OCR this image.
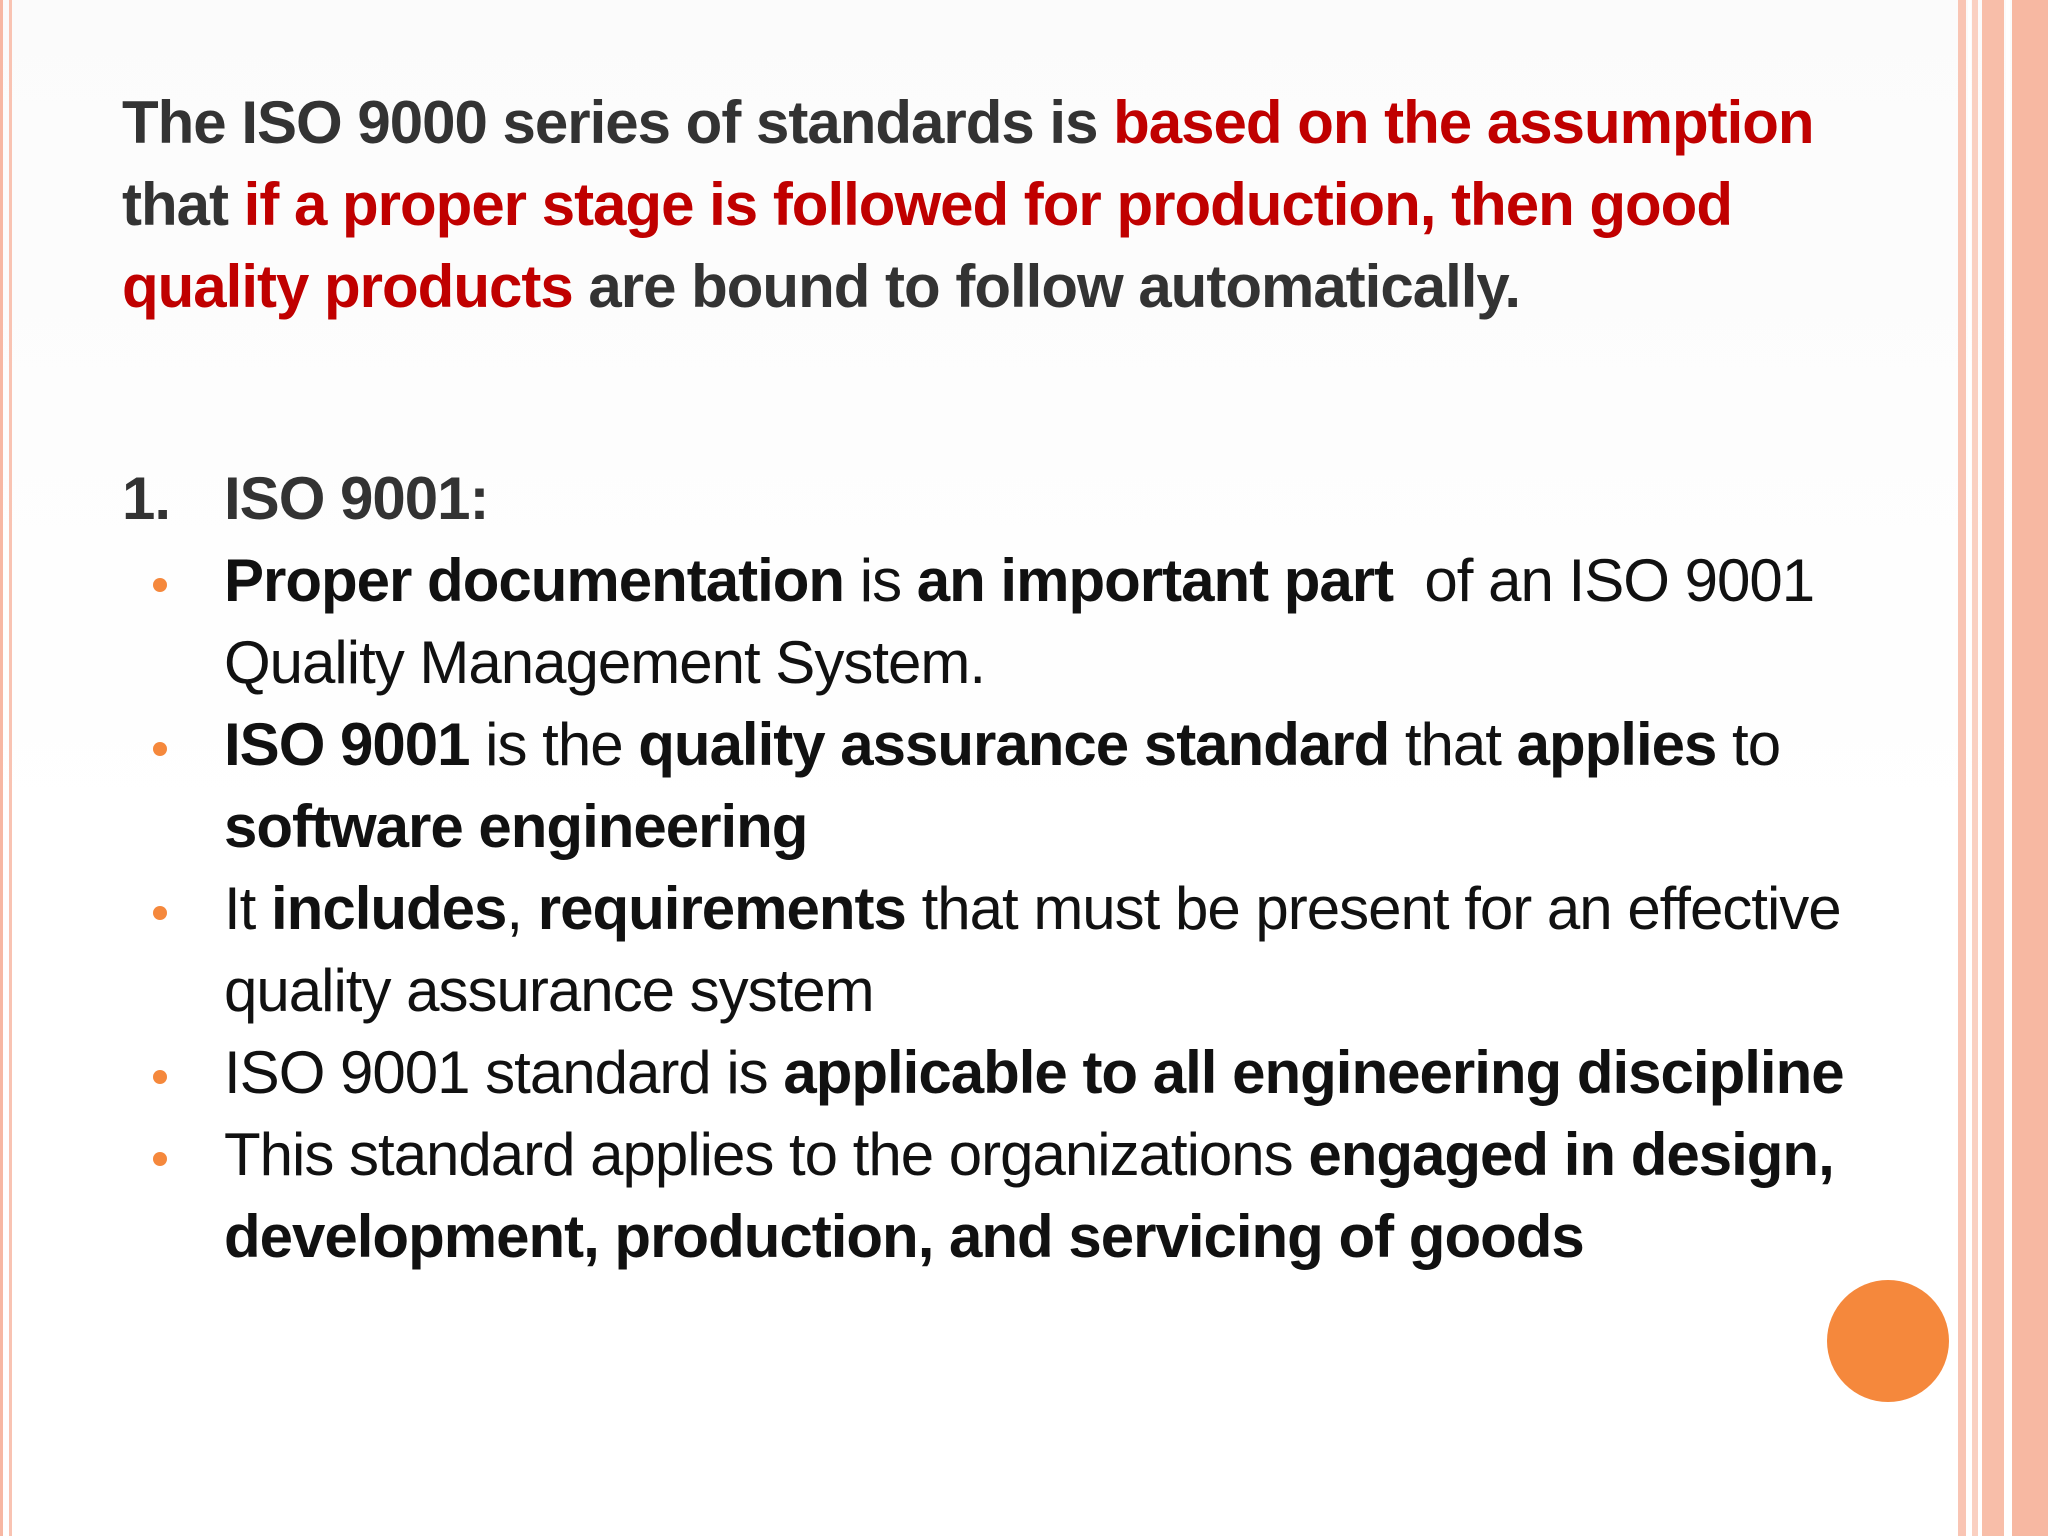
The ISO 9000 series of standards is based on the assumption that if a proper stage is followed for production, then good quality products are bound to follow automatically.

1. ISO 9001:
Proper documentation is an important part  of an ISO 9001 Quality Management System.
ISO 9001 is the quality assurance standard that applies to software engineering
It includes, requirements that must be present for an effective quality assurance system
ISO 9001 standard is applicable to all engineering discipline
This standard applies to the organizations engaged in design, development, production, and servicing of goods
